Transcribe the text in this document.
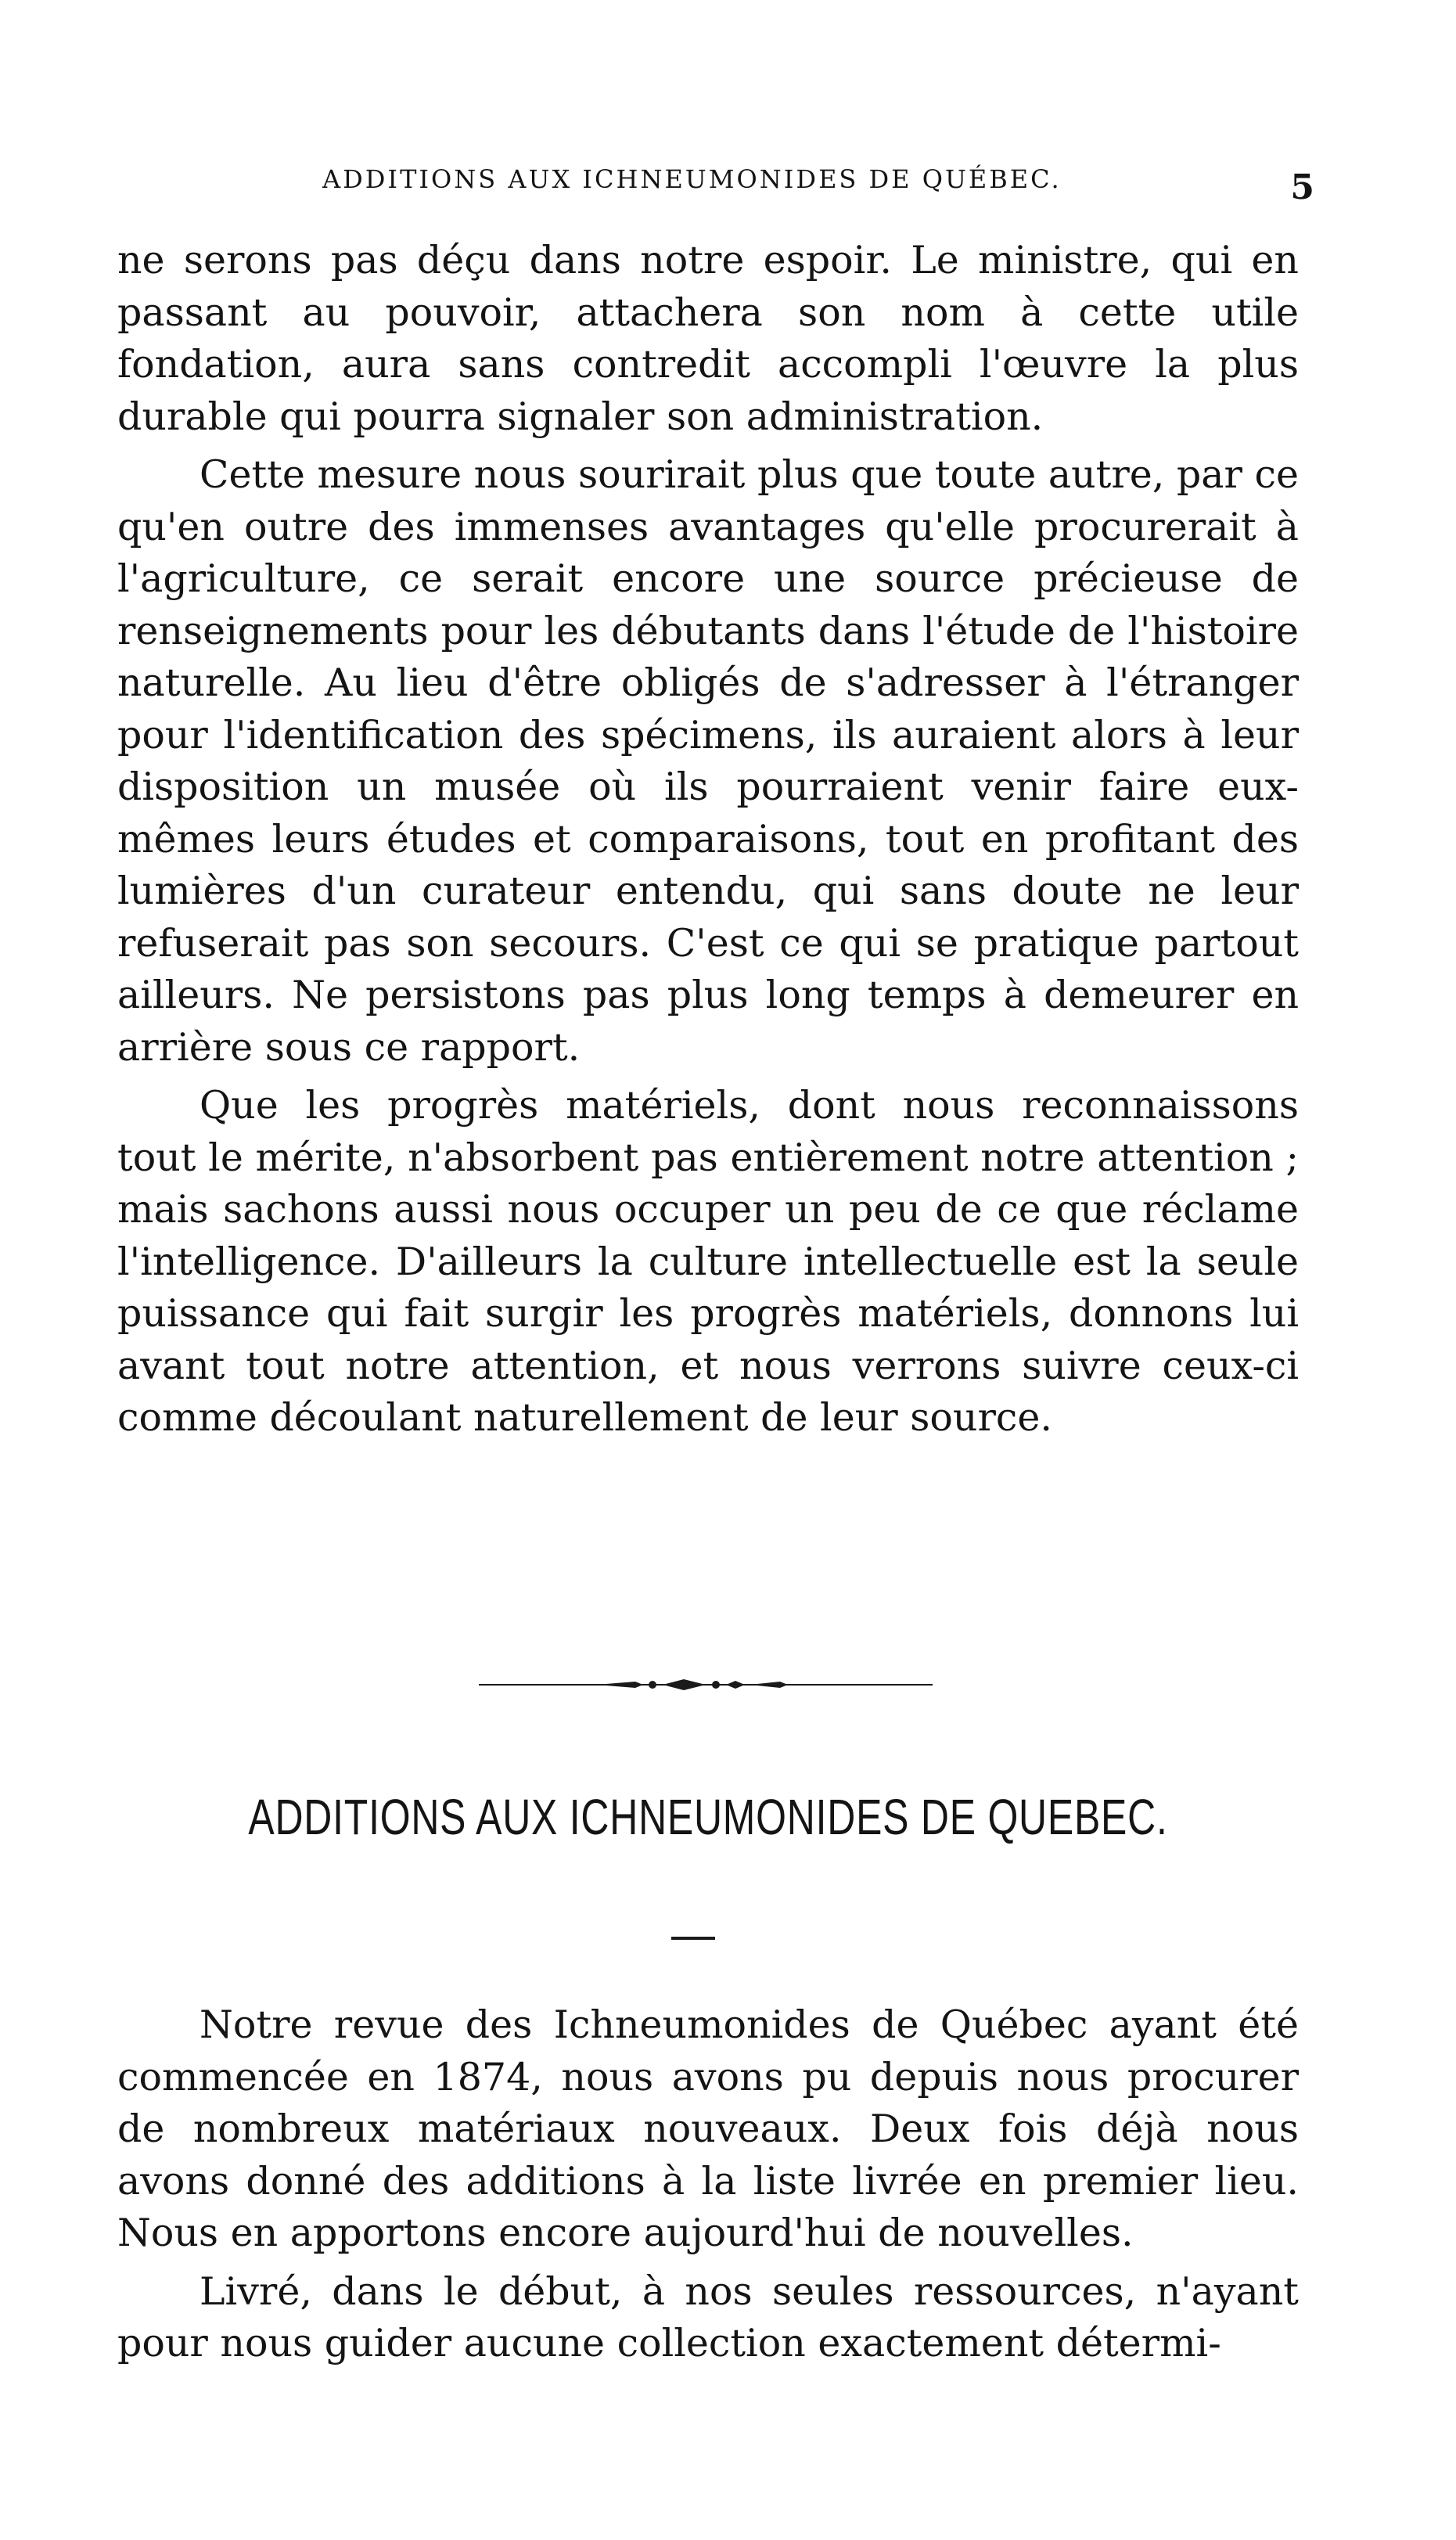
ADDITIONS AUX ICHNEUMONIDES DE QUÉBEC.	5

ne serons pas déçu dans notre espoir. Le ministre, qui en passant au pouvoir, attachera son nom à cette utile fondation, aura sans contredit accompli l'œuvre la plus durable qui pourra signaler son administration.

Cette mesure nous sourirait plus que toute autre, par ce qu'en outre des immenses avantages qu'elle procurerait à l'agriculture, ce serait encore une source précieuse de renseignements pour les débutants dans l'étude de l'histoire naturelle. Au lieu d'être obligés de s'adresser à l'étranger pour l'identification des spécimens, ils auraient alors à leur disposition un musée où ils pourraient venir faire eux-mêmes leurs études et comparaisons, tout en profitant des lumières d'un curateur entendu, qui sans doute ne leur refuserait pas son secours. C'est ce qui se pratique partout ailleurs. Ne persistons pas plus long temps à demeurer en arrière sous ce rapport.

Que les progrès matériels, dont nous reconnaissons tout le mérite, n'absorbent pas entièrement notre attention ; mais sachons aussi nous occuper un peu de ce que réclame l'intelligence. D'ailleurs la culture intellectuelle est la seule puissance qui fait surgir les progrès matériels, donnons lui avant tout notre attention, et nous verrons suivre ceux-ci comme découlant naturellement de leur source.

ADDITIONS AUX ICHNEUMONIDES DE QUEBEC.

Notre revue des Ichneumonides de Québec ayant été commencée en 1874, nous avons pu depuis nous procurer de nombreux matériaux nouveaux. Deux fois déjà nous avons donné des additions à la liste livrée en premier lieu. Nous en apportons encore aujourd'hui de nouvelles.

Livré, dans le début, à nos seules ressources, n'ayant pour nous guider aucune collection exactement détermi-
